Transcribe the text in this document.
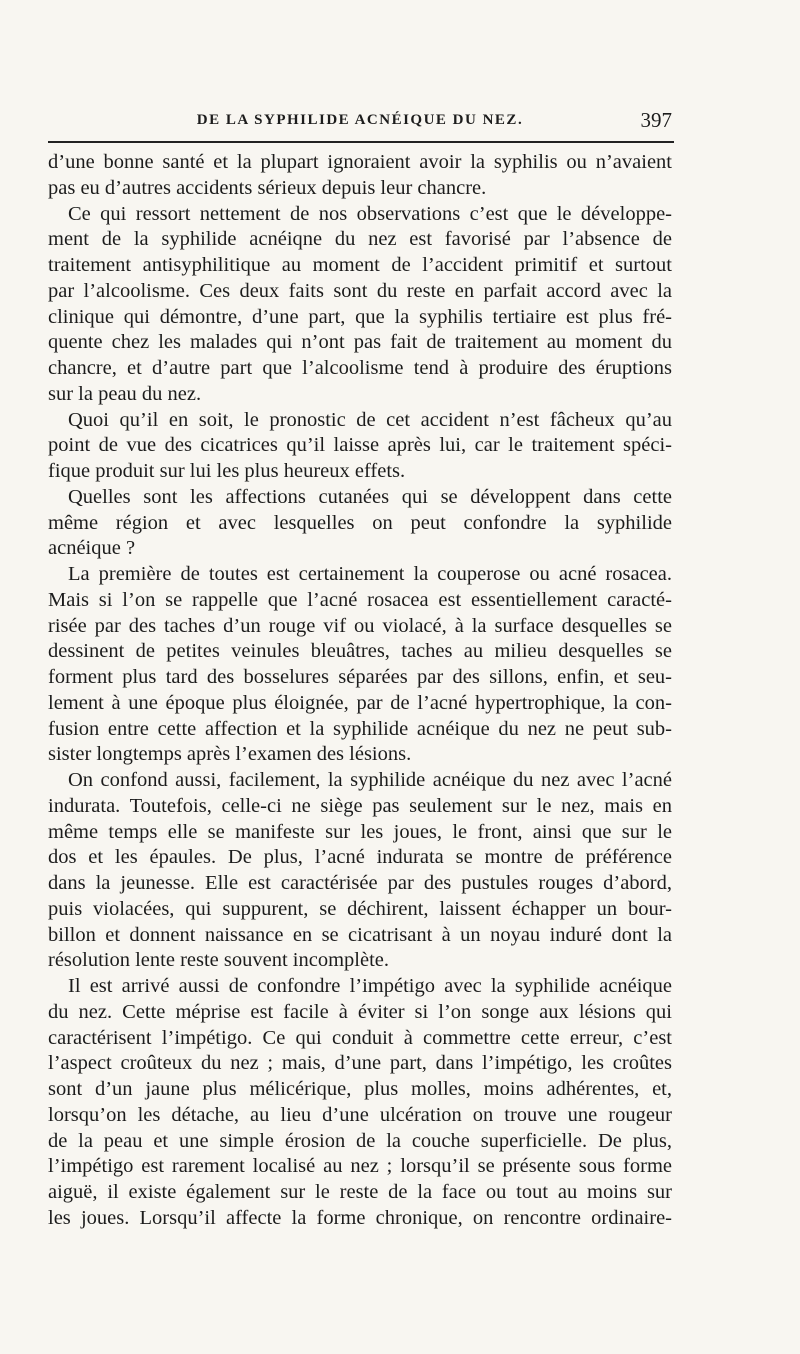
DE LA SYPHILIDE ACNÉIQUE DU NEZ.	397
d’une bonne santé et la plupart ignoraient avoir la syphilis ou n’avaient
pas eu d’autres accidents sérieux depuis leur chancre.
Ce qui ressort nettement de nos observations c’est que le développe-
ment de la syphilide acnéiqne du nez est favorisé par l’absence de
traitement antisyphilitique au moment de l’accident primitif et surtout
par l’alcoolisme. Ces deux faits sont du reste en parfait accord avec la
clinique qui démontre, d’une part, que la syphilis tertiaire est plus fré-
quente chez les malades qui n’ont pas fait de traitement au moment du
chancre, et d’autre part que l’alcoolisme tend à produire des éruptions
sur la peau du nez.
Quoi qu’il en soit, le pronostic de cet accident n’est fâcheux qu’au
point de vue des cicatrices qu’il laisse après lui, car le traitement spéci-
fique produit sur lui les plus heureux effets.
Quelles sont les affections cutanées qui se développent dans cette
même région et avec lesquelles on peut confondre la syphilide
acnéique ?
La première de toutes est certainement la couperose ou acné rosacea.
Mais si l’on se rappelle que l’acné rosacea est essentiellement caracté-
risée par des taches d’un rouge vif ou violacé, à la surface desquelles se
dessinent de petites veinules bleuâtres, taches au milieu desquelles se
forment plus tard des bosselures séparées par des sillons, enfin, et seu-
lement à une époque plus éloignée, par de l’acné hypertrophique, la con-
fusion entre cette affection et la syphilide acnéique du nez ne peut sub-
sister longtemps après l’examen des lésions.
On confond aussi, facilement, la syphilide acnéique du nez avec l’acné
indurata. Toutefois, celle-ci ne siège pas seulement sur le nez, mais en
même temps elle se manifeste sur les joues, le front, ainsi que sur le
dos et les épaules. De plus, l’acné indurata se montre de préférence
dans la jeunesse. Elle est caractérisée par des pustules rouges d’abord,
puis violacées, qui suppurent, se déchirent, laissent échapper un bour-
billon et donnent naissance en se cicatrisant à un noyau induré dont la
résolution lente reste souvent incomplète.
Il est arrivé aussi de confondre l’impétigo avec la syphilide acnéique
du nez. Cette méprise est facile à éviter si l’on songe aux lésions qui
caractérisent l’impétigo. Ce qui conduit à commettre cette erreur, c’est
l’aspect croûteux du nez ; mais, d’une part, dans l’impétigo, les croûtes
sont d’un jaune plus mélicérique, plus molles, moins adhérentes, et,
lorsqu’on les détache, au lieu d’une ulcération on trouve une rougeur
de la peau et une simple érosion de la couche superficielle. De plus,
l’impétigo est rarement localisé au nez ; lorsqu’il se présente sous forme
aiguë, il existe également sur le reste de la face ou tout au moins sur
les joues. Lorsqu’il affecte la forme chronique, on rencontre ordinaire-
